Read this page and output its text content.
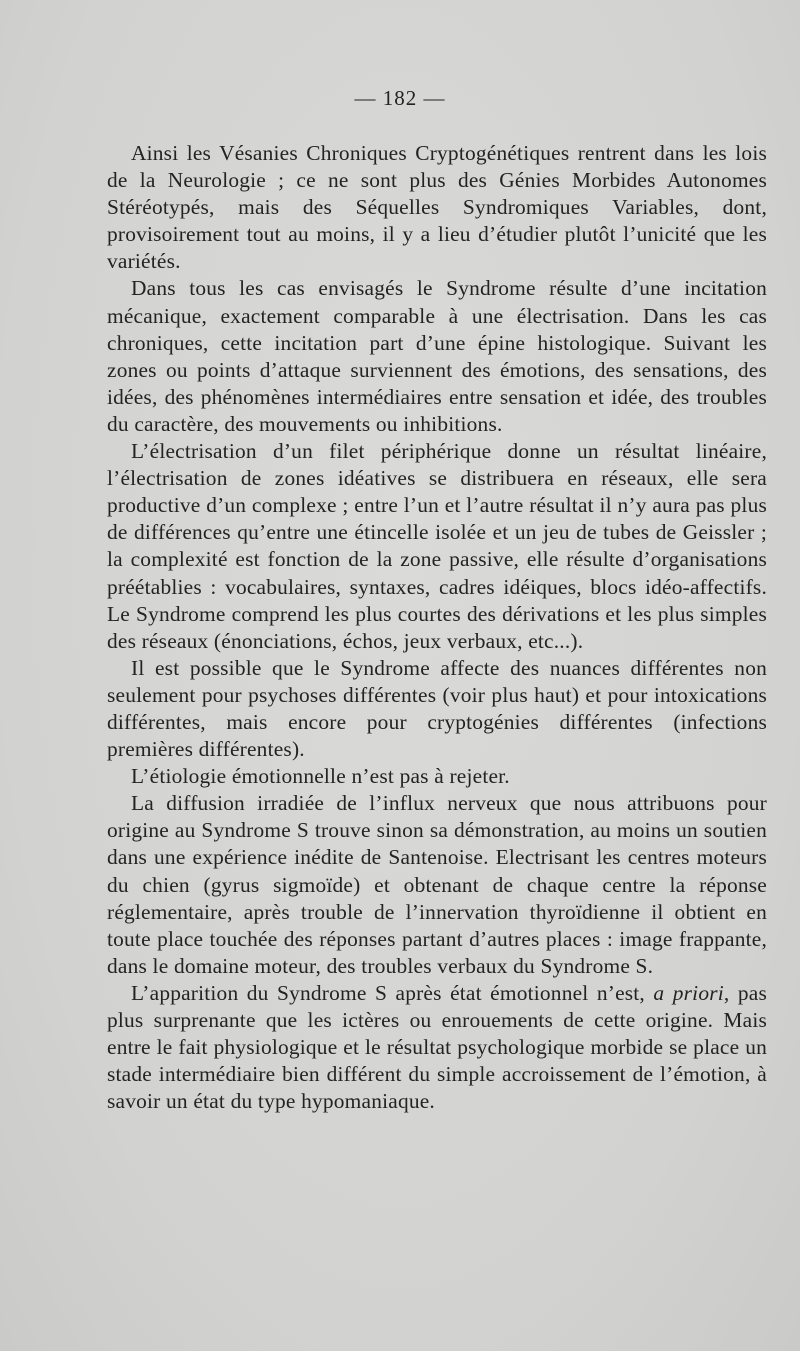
— 182 —

Ainsi les Vésanies Chroniques Cryptogénétiques rentrent dans les lois de la Neurologie ; ce ne sont plus des Génies Morbides Autonomes Stéréotypés, mais des Séquelles Syndromiques Variables, dont, provisoirement tout au moins, il y a lieu d’étudier plutôt l’unicité que les variétés.

Dans tous les cas envisagés le Syndrome résulte d’une incitation mécanique, exactement comparable à une électrisation. Dans les cas chroniques, cette incitation part d’une épine histologique. Suivant les zones ou points d’attaque surviennent des émotions, des sensations, des idées, des phénomènes intermédiaires entre sensation et idée, des troubles du caractère, des mouvements ou inhibitions.

L’électrisation d’un filet périphérique donne un résultat linéaire, l’électrisation de zones idéatives se distribuera en réseaux, elle sera productive d’un complexe ; entre l’un et l’autre résultat il n’y aura pas plus de différences qu’entre une étincelle isolée et un jeu de tubes de Geissler ; la complexité est fonction de la zone passive, elle résulte d’organisations préétablies : vocabulaires, syntaxes, cadres idéiques, blocs idéo-affectifs. Le Syndrome comprend les plus courtes des dérivations et les plus simples des réseaux (énonciations, échos, jeux verbaux, etc...).

Il est possible que le Syndrome affecte des nuances différentes non seulement pour psychoses différentes (voir plus haut) et pour intoxications différentes, mais encore pour cryptogénies différentes (infections premières différentes).

L’étiologie émotionnelle n’est pas à rejeter.

La diffusion irradiée de l’influx nerveux que nous attribuons pour origine au Syndrome S trouve sinon sa démonstration, au moins un soutien dans une expérience inédite de Santenoise. Electrisant les centres moteurs du chien (gyrus sigmoïde) et obtenant de chaque centre la réponse réglementaire, après trouble de l’innervation thyroïdienne il obtient en toute place touchée des réponses partant d’autres places : image frappante, dans le domaine moteur, des troubles verbaux du Syndrome S.

L’apparition du Syndrome S après état émotionnel n’est, a priori, pas plus surprenante que les ictères ou enrouements de cette origine. Mais entre le fait physiologique et le résultat psychologique morbide se place un stade intermédiaire bien différent du simple accroissement de l’émotion, à savoir un état du type hypomaniaque.
